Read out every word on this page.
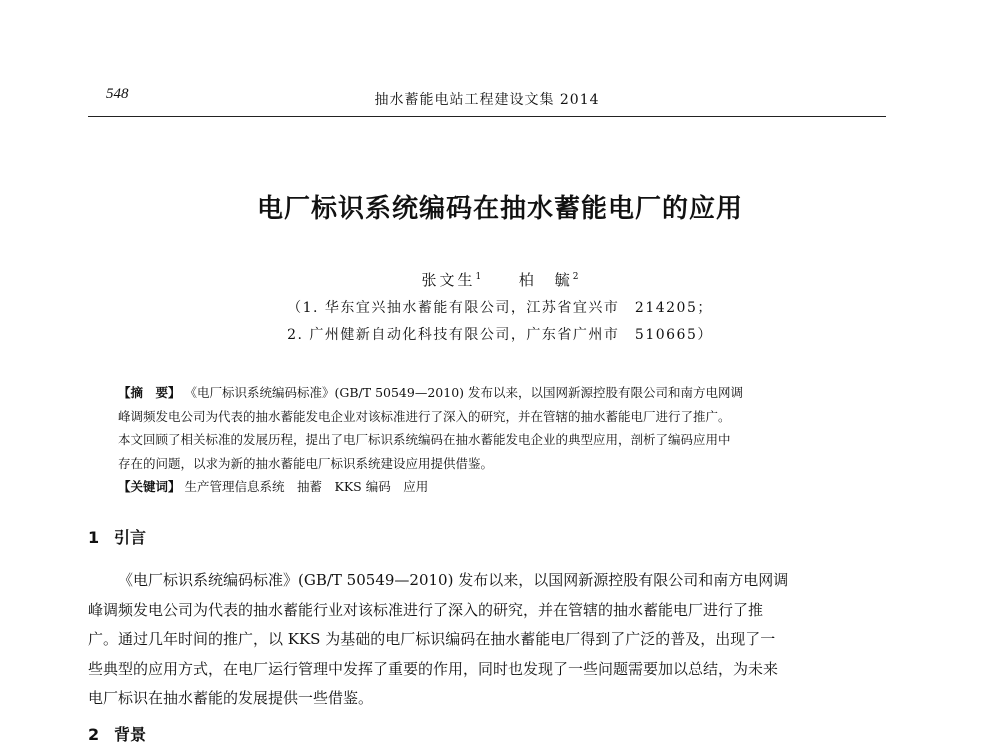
548	抽水蓄能电站工程建设文集 2014
电厂标识系统编码在抽水蓄能电厂的应用
张文生$^1$	柏　毓$^2$
（1. 华东宜兴抽水蓄能有限公司，江苏省宜兴市　214205；
2. 广州健新自动化科技有限公司，广东省广州市　510665）

【摘　要】 《电厂标识系统编码标准》(GB/T 50549—2010) 发布以来，以国网新源控股有限公司和南方电网调

峰调频发电公司为代表的抽水蓄能发电企业对该标准进行了深入的研究，并在管辖的抽水蓄能电厂进行了推广。

本文回顾了相关标准的发展历程，提出了电厂标识系统编码在抽水蓄能发电企业的典型应用，剖析了编码应用中

存在的问题，以求为新的抽水蓄能电厂标识系统建设应用提供借鉴。

【关键词】 生产管理信息系统　抽蓄　KKS 编码　应用

1 引言

《电厂标识系统编码标准》(GB/T 50549—2010) 发布以来，以国网新源控股有限公司和南方电网调
峰调频发电公司为代表的抽水蓄能行业对该标准进行了深入的研究，并在管辖的抽水蓄能电厂进行了推
广。通过几年时间的推广，以 KKS 为基础的电厂标识编码在抽水蓄能电厂得到了广泛的普及，出现了一
些典型的应用方式，在电厂运行管理中发挥了重要的作用，同时也发现了一些问题需要加以总结，为未来
电厂标识在抽水蓄能的发展提供一些借鉴。

2 背景
